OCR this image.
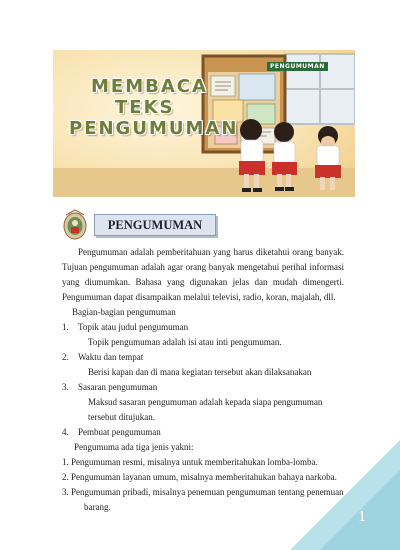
MEMBACA
TEKS
PENGUMUMAN
PENGUMUMAN
PENGUMUMAN

Pengumuman adalah pemberitahuan yang harus diketahui orang banyak. Tujuan pengumuman adalah agar orang banyak mengetahui perihal informasi yang diumumkan. Bahasa yang digunakan jelas dan mudah dimengerti. Pengumuman dapat disampaikan melalui televisi, radio, koran, majalah, dll.

Bagian-bagian pengumuman

1. Topik atau judul pengumuman
Topik pengumuman adalah isi atau inti pengumuman.
2. Waktu dan tempat
Berisi kapan dan di mana kegiatan tersebut akan dilaksanakan
3. Sasaran pengumuman
Maksud sasaran pengumuman adalah kepada siapa pengumuman tersebut ditujukan.
4. Pembuat pengumuman

Pengumuma ada tiga jenis yakni:

1. Pengumuman resmi, misalnya untuk memberitahukan lomba-lomba.
2. Pengumuman layanan umum, misalnya memberitahukan bahaya narkoba.
3. Pengumuman pribadi, misalnya penemuan pengumuman tentang penemuan
barang.
1
